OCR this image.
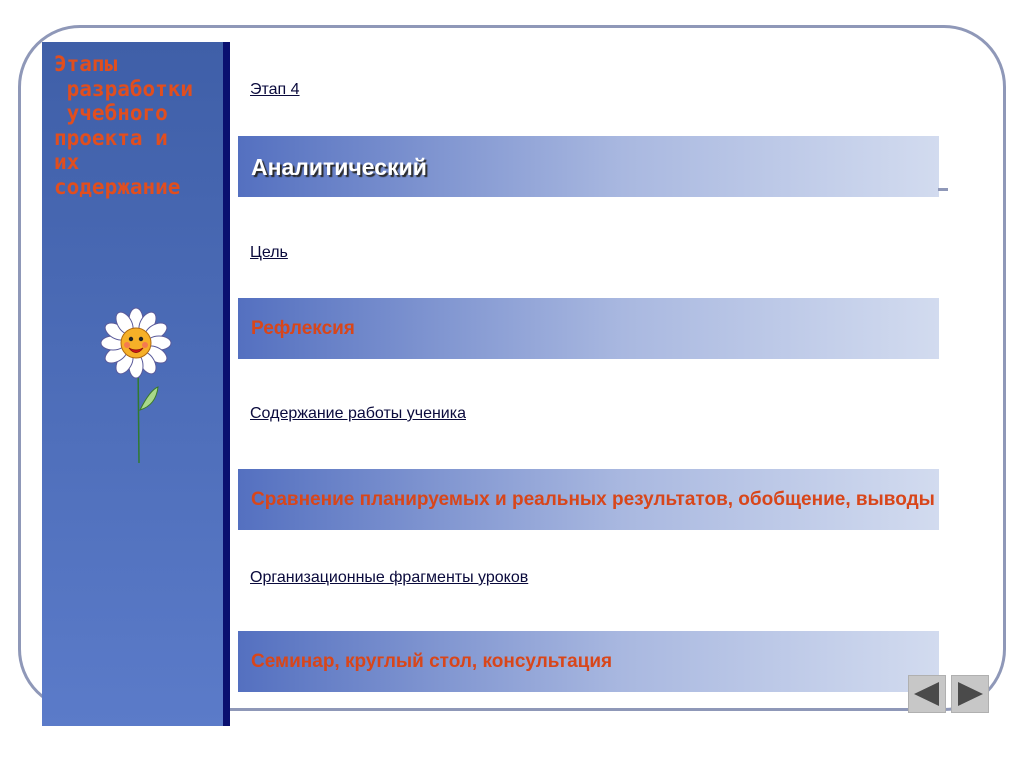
Этапы
разработки
учебного
проекта и
их
содержание
Этап 4
Аналитический
Цель
Рефлексия
Содержание работы ученика
Сравнение планируемых и реальных результатов, обобщение, выводы
Организационные фрагменты уроков
Семинар, круглый стол, консультация
